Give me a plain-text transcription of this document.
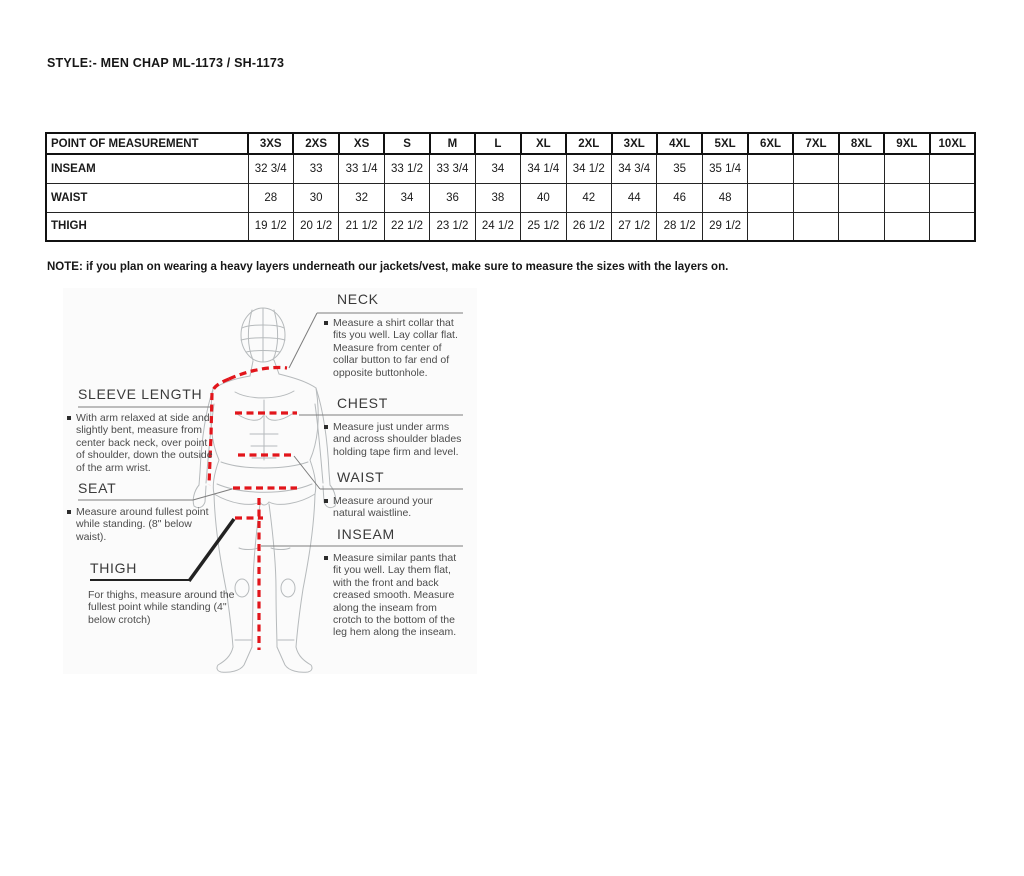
STYLE:- MEN CHAP ML-1173 / SH-1173
POINT OF MEASUREMENT	3XS	2XS	XS	S	M	L	XL	2XL	3XL	4XL	5XL	6XL	7XL	8XL	9XL	10XL
INSEAM	32 3/4	33	33 1/4	33 1/2	33 3/4	34	34 1/4	34 1/2	34 3/4	35	35 1/4					
WAIST	28	30	32	34	36	38	40	42	44	46	48					
THIGH	19 1/2	20 1/2	21 1/2	22 1/2	23 1/2	24 1/2	25 1/2	26 1/2	27 1/2	28 1/2	29 1/2					
NOTE: if you plan on wearing a heavy layers underneath our jackets/vest, make sure to measure the sizes with the layers on.
NECK
Measure a shirt collar that fits you well. Lay collar flat. Measure from center of collar button to far end of opposite buttonhole.
CHEST
Measure just under arms and across shoulder blades holding tape firm and level.
WAIST
Measure around your natural waistline.
INSEAM
Measure similar pants that fit you well. Lay them flat, with the front and back creased smooth. Measure along the inseam from crotch to the bottom of the leg hem along the inseam.
SLEEVE LENGTH
With arm relaxed at side and slightly bent, measure from center back neck, over point of shoulder, down the outside of the arm wrist.
SEAT
Measure around fullest point while standing. (8" below waist).
THIGH
For thighs, measure around the fullest point while standing (4" below crotch)
